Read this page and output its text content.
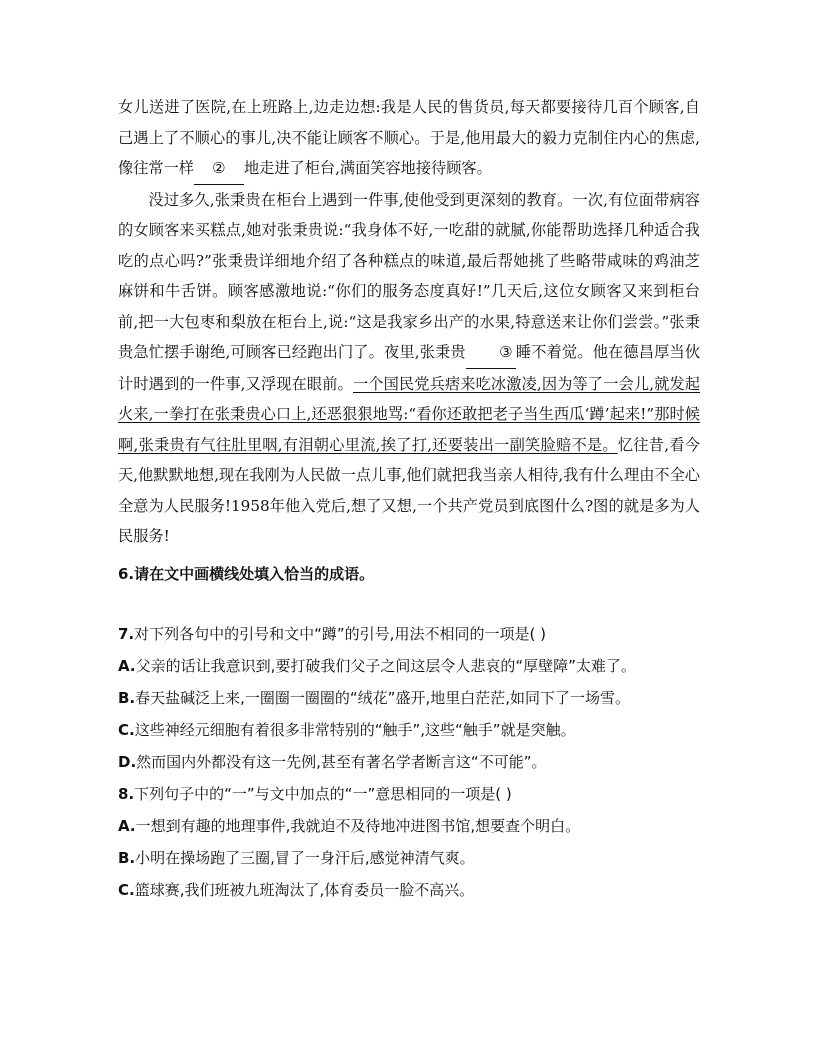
女儿送进了医院,在上班路上,边走边想:我是人民的售货员,每天都要接待几百个顾客,自己遇上了不顺心的事儿,决不能让顾客不顺心。于是,他用最大的毅力克制住内心的焦虑,像往常一样 ② 地走进了柜台,满面笑容地接待顾客。

没过多久,张秉贵在柜台上遇到一件事,使他受到更深刻的教育。一次,有位面带病容的女顾客来买糕点,她对张秉贵说:“我身体不好,一吃甜的就腻,你能帮助选择几种适合我吃的点心吗?”张秉贵详细地介绍了各种糕点的味道,最后帮她挑了些略带咸味的鸡油芝麻饼和牛舌饼。顾客感激地说:“你们的服务态度真好!”几天后,这位女顾客又来到柜台前,把一大包枣和梨放在柜台上,说:“这是我家乡出产的水果,特意送来让你们尝尝。”张秉贵急忙摆手谢绝,可顾客已经跑出门了。夜里,张秉贵 ③ 睡不着觉。他在德昌厚当伙计时遇到的一件事,又浮现在眼前。一个国民党兵痞来吃冰激凌,因为等了一会儿,就发起火来,一拳打在张秉贵心口上,还恶狠狠地骂:“看你还敢把老子当生西瓜‘蹲’起来!”那时候啊,张秉贵有气往肚里咽,有泪朝心里流,挨了打,还要装出一副笑脸赔不是。忆往昔,看今天,他默默地想,现在我刚为人民做一点儿事,他们就把我当亲人相待,我有什么理由不全心全意为人民服务!1958年他入党后,想了又想,一个共产党员到底图什么?图的就是多为人民服务!

6.请在文中画横线处填入恰当的成语。
7.对下列各句中的引号和文中“蹲”的引号,用法不相同的一项是( )
A.父亲的话让我意识到,要打破我们父子之间这层令人悲哀的“厚壁障”太难了。
B.春天盐碱泛上来,一圈圈一圈圈的“绒花”盛开,地里白茫茫,如同下了一场雪。
C.这些神经元细胞有着很多非常特别的“触手”,这些“触手”就是突触。
D.然而国内外都没有这一先例,甚至有著名学者断言这“不可能”。
8.下列句子中的“一”与文中加点的“一”意思相同的一项是( )
A.一想到有趣的地理事件,我就迫不及待地冲进图书馆,想要查个明白。
B.小明在操场跑了三圈,冒了一身汗后,感觉神清气爽。
C.篮球赛,我们班被九班淘汰了,体育委员一脸不高兴。
